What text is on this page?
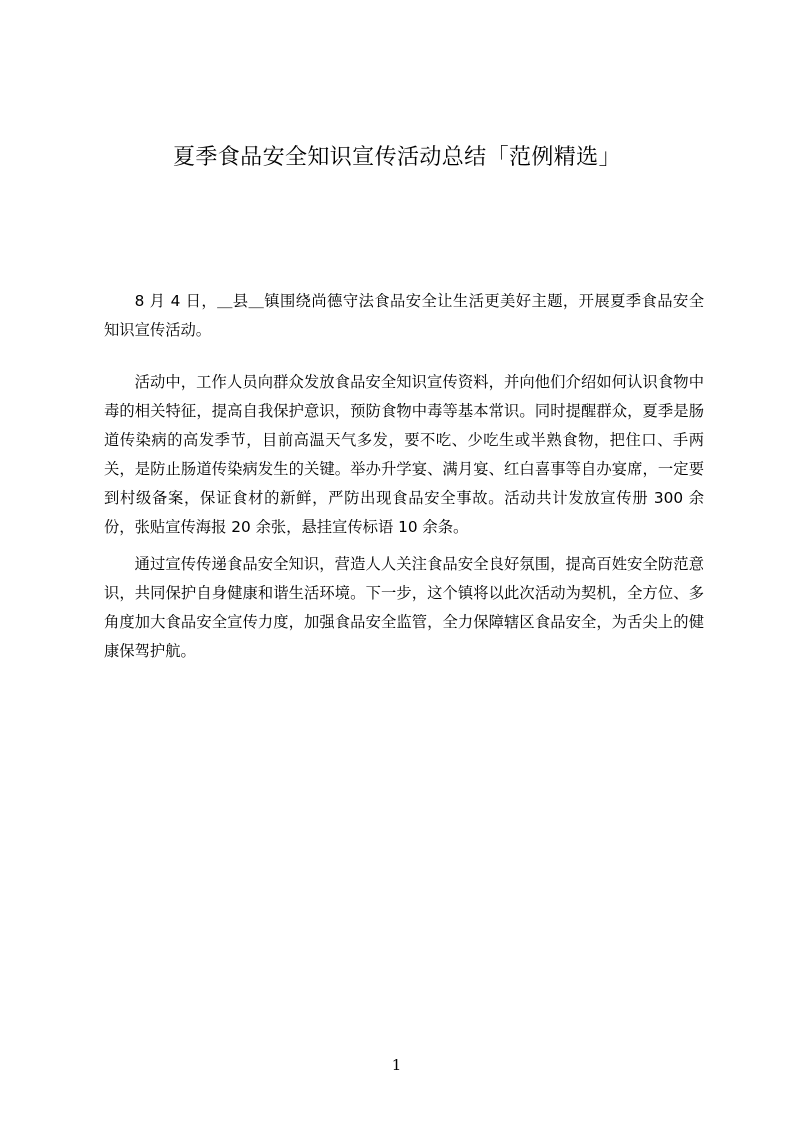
夏季食品安全知识宣传活动总结「范例精选」

8 月 4 日，＿县＿镇围绕尚德守法食品安全让生活更美好主题，开展夏季食品安全知识宣传活动。

活动中，工作人员向群众发放食品安全知识宣传资料，并向他们介绍如何认识食物中毒的相关特征，提高自我保护意识，预防食物中毒等基本常识。同时提醒群众，夏季是肠道传染病的高发季节，目前高温天气多发，要不吃、少吃生或半熟食物，把住口、手两关，是防止肠道传染病发生的关键。举办升学宴、满月宴、红白喜事等自办宴席，一定要到村级备案，保证食材的新鲜，严防出现食品安全事故。活动共计发放宣传册 300 余份，张贴宣传海报 20 余张，悬挂宣传标语 10 余条。

通过宣传传递食品安全知识，营造人人关注食品安全良好氛围，提高百姓安全防范意识，共同保护自身健康和谐生活环境。下一步，这个镇将以此次活动为契机，全方位、多角度加大食品安全宣传力度，加强食品安全监管，全力保障辖区食品安全，为舌尖上的健康保驾护航。

1
